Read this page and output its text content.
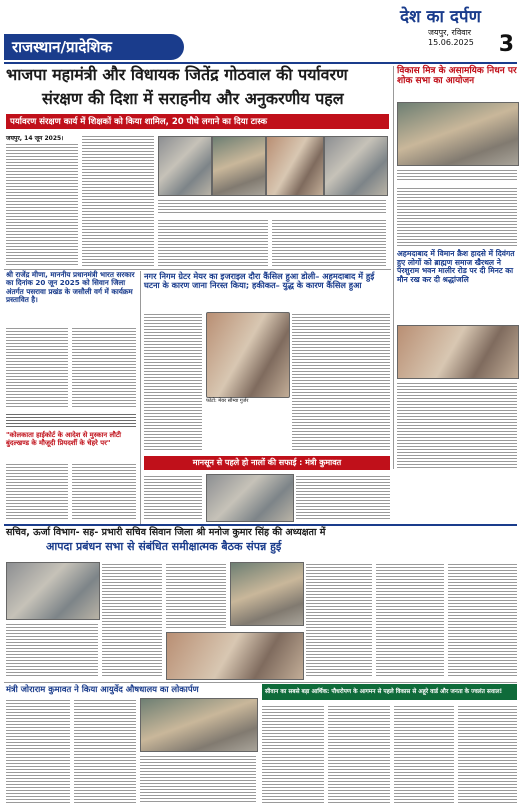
राजस्थान/प्रादेशिक
देश का दर्पण
जयपुर, रविवार
15.06.2025	3
भाजपा महामंत्री और विधायक जितेंद्र गोठवाल की पर्यावरण
संरक्षण की दिशा में सराहनीय और अनुकरणीय पहल
पर्यावरण संरक्षण कार्य में शिक्षकों को किया शामिल, 20 पौधे लगाने का दिया टास्क
जयपुर, 14 जून 2025।
विकास मित्र के असामयिक निधन पर शोक सभा का आयोजन
अहमदाबाद में विमान क्रैश हादसे में दिवंगत हुए लोगों को ब्राह्मण समाज खैरथल ने परशुराम भवन मालीर रोड पर दी मिनट का मौन रख कर दी श्रद्धांजलि
श्री राजेंद्र मीणा, माननीय प्रधानमंत्री भारत सरकार का दिनांक 20 जून 2025 को सिवान जिला अंतर्गत पसरावा प्रखंड के जसौली वर्ग में कार्यक्रम प्रस्तावित है।
"कोलकाता हाईकोर्ट के आदेश से मुस्कान लौटी बुंदल्खण्ड के मौजूदी प्रियदर्शी के चेहरे पर"
नगर निगम ग्रेटर मेयर का इजराइल दौरा कैंसिल हुआ डोली– अहमदाबाद में हुई घटना के कारण जाना निरस्त किया; हकीकत– युद्ध के कारण कैंसिल हुआ
फोटो: मेयर सौम्या गुर्जर
मानसून से पहले हो नालों की सफाई : मंत्री कुमावत
सचिव, ऊर्जा विभाग- सह- प्रभारी सचिव सिवान जिला श्री मनोज कुमार सिंह की अध्यक्षता में
आपदा प्रबंधन सभा से संबंधित समीक्षात्मक बैठक संपन्न हुई
मंत्री जोराराम कुमावत ने किया आयुर्वेद औषधालय का लोकार्पण	सीवान का सबसे बड़ा आर्थिक: पौधरोपण के आगमन से पहले विकास से अहूरे वार्ड और जनता के ज्वलंत सवाल!
